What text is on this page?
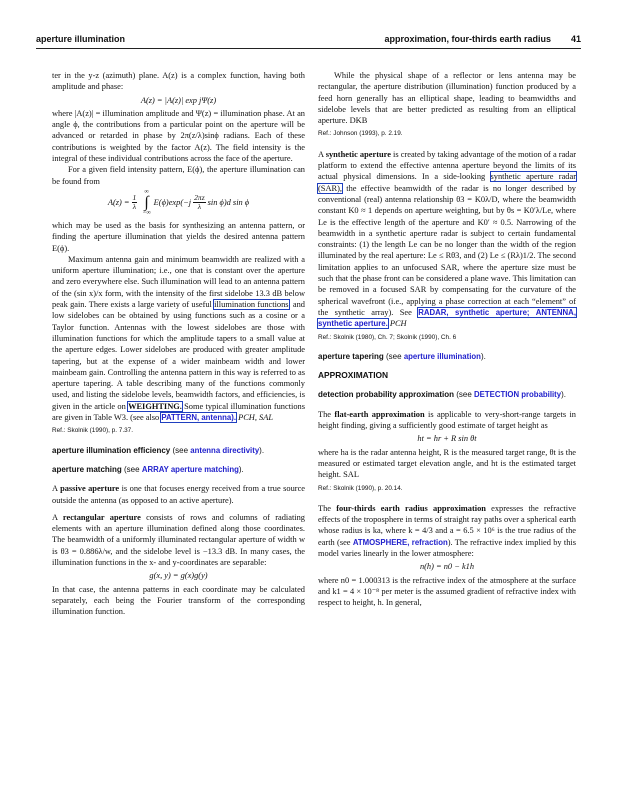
aperture illumination	approximation, four-thirds earth radius 41

ter in the y-z (azimuth) plane. A(z) is a complex function, having both amplitude and phase:

A(z) = |A(z)| exp jΨ(z)

where |A(z)| = illumination amplitude and Ψ(z) = illumination phase. At an angle ϕ, the contributions from a particular point on the aperture will be advanced or retarded in phase by 2π(z/λ)sinϕ radians. Each of these contributions is weighted by the factor A(z). The field intensity is the integral of these individual contributions across the face of the aperture.

For a given field intensity pattern, E(ϕ), the aperture illumination can be found from

$A(z) = \frac{1}{\lambda}$
∞
∫
−∞
$E(\phi)\exp(-j \frac{2\pi z}{\lambda}$ sin ϕ)d sin ϕ

which may be used as the basis for synthesizing an antenna pattern, or finding the aperture illumination that yields the desired antenna pattern E(ϕ).

Maximum antenna gain and minimum beamwidth are realized with a uniform aperture illumination; i.e., one that is constant over the aperture and zero everywhere else. Such illumination will lead to an antenna pattern of the (sin x)/x form, with the intensity of the first sidelobe 13.3 dB below peak gain. There exists a large variety of useful illumination functions, and low sidelobes can be obtained by using functions such as a cosine or a Taylor function. Antennas with the lowest sidelobes are those with illumination functions for which the amplitude tapers to a small value at the aperture edges. Lower sidelobes are produced with greater amplitude tapering, but at the expense of a wider mainbeam width and lower mainbeam gain. Controlling the antenna pattern in this way is referred to as aperture tapering. A table describing many of the functions commonly used, and listing the sidelobe levels, beamwidth factors, and efficiencies, is given in the article on WEIGHTING. Some typical illumination functions are given in Table W3. (see also PATTERN, antenna). PCH, SAL

Ref.: Skolnik (1990), p. 7.37.

aperture illumination efficiency (see antenna directivity).

aperture matching (see ARRAY aperture matching).

A passive aperture is one that focuses energy received from a true source outside the antenna (as opposed to an active aperture).

A rectangular aperture consists of rows and columns of radiating elements with an aperture illumination defined along those coordinates. The beamwidth of a uniformly illuminated rectangular aperture of width w is θ3 = 0.886λ/w, and the sidelobe level is −13.3 dB. In many cases, the illumination functions in the x- and y-coordinates are separable:

g(x, y) = g(x)g(y)

In that case, the antenna patterns in each coordinate may be calculated separately, each being the Fourier transform of the corresponding illumination function.

While the physical shape of a reflector or lens antenna may be rectangular, the aperture distribution (illumination) function produced by a feed horn generally has an elliptical shape, leading to beamwidths and sidelobe levels that are better predicted as resulting from an elliptical aperture. DKB

Ref.: Johnson (1993), p. 2.19.

A synthetic aperture is created by taking advantage of the motion of a radar platform to extend the effective antenna aperture beyond the limits of its actual physical dimensions. In a side-looking synthetic aperture radar (SAR), the effective beamwidth of the radar is no longer described by conventional (real) antenna relationship θ3 = K0λ/D, where the beamwidth constant K0 ≈ 1 depends on aperture weighting, but by θs = K0′λ/Le, where Le is the effective length of the aperture and K0′ ≈ 0.5. Narrowing of the beamwidth in a synthetic aperture radar is subject to certain fundamental constraints: (1) the length Le can be no longer than the width of the region illuminated by the real aperture: Le ≤ Rθ3, and (2) Le ≤ (Rλ)1/2. The second limitation applies to an unfocused SAR, where the aperture size must be such that the phase front can be considered a plane wave. This limitation can be removed in a focused SAR by compensating for the curvature of the spherical wavefront (i.e., applying a phase correction at each “element” of the synthetic array). See RADAR, synthetic aperture; ANTENNA, synthetic aperture. PCH

Ref.: Skolnik (1980), Ch. 7; Skolnik (1990), Ch. 6

aperture tapering (see aperture illumination).

APPROXIMATION

detection probability approximation (see DETECTION probability).

The flat-earth approximation is applicable to very-short-range targets in height finding, giving a sufficiently good estimate of target height as

ht = hr + R sin θt

where ha is the radar antenna height, R is the measured target range, θt is the measured or estimated target elevation angle, and ht is the estimated target height. SAL

Ref.: Skolnik (1990), p. 20.14.

The four-thirds earth radius approximation expresses the refractive effects of the troposphere in terms of straight ray paths over a spherical earth whose radius is ka, where k = 4/3 and a = 6.5 × 10⁶ is the true radius of the earth (see ATMOSPHERE, refraction). The refractive index implied by this model varies linearly in the lower atmosphere:

n(h) = n0 − k1h

where n0 = 1.000313 is the refractive index of the atmosphere at the surface and k1 = 4 × 10⁻⁸ per meter is the assumed gradient of refractive index with respect to height, h. In general,
